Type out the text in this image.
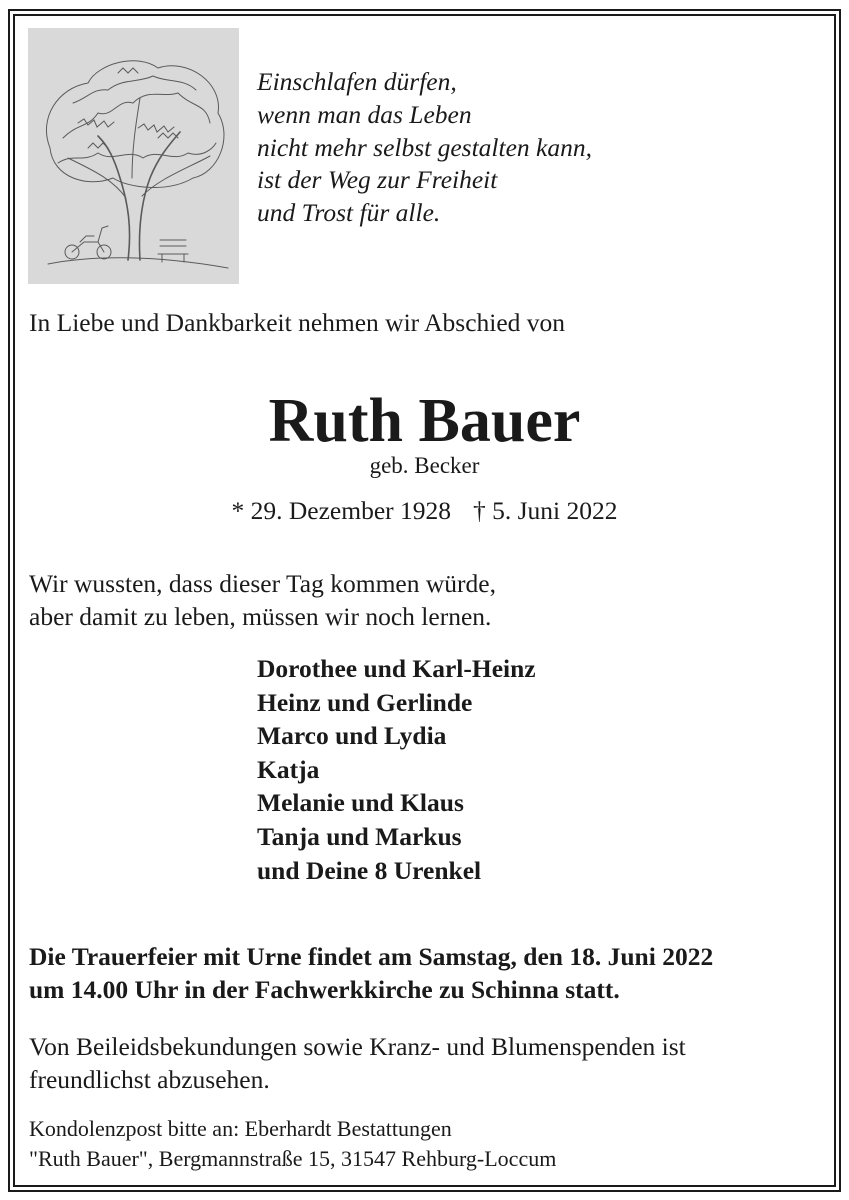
Einschlafen dürfen,
wenn man das Leben
nicht mehr selbst gestalten kann,
ist der Weg zur Freiheit
und Trost für alle.
In Liebe und Dankbarkeit nehmen wir Abschied von
Ruth Bauer
geb. Becker
* 29. Dezember 1928 † 5. Juni 2022
Wir wussten, dass dieser Tag kommen würde,
aber damit zu leben, müssen wir noch lernen.
Dorothee und Karl-Heinz
Heinz und Gerlinde
Marco und Lydia
Katja
Melanie und Klaus
Tanja und Markus
und Deine 8 Urenkel
Die Trauerfeier mit Urne findet am Samstag, den 18. Juni 2022
um 14.00 Uhr in der Fachwerkkirche zu Schinna statt.
Von Beileidsbekundungen sowie Kranz- und Blumenspenden ist
freundlichst abzusehen.
Kondolenzpost bitte an: Eberhardt Bestattungen
"Ruth Bauer", Bergmannstraße 15, 31547 Rehburg-Loccum
